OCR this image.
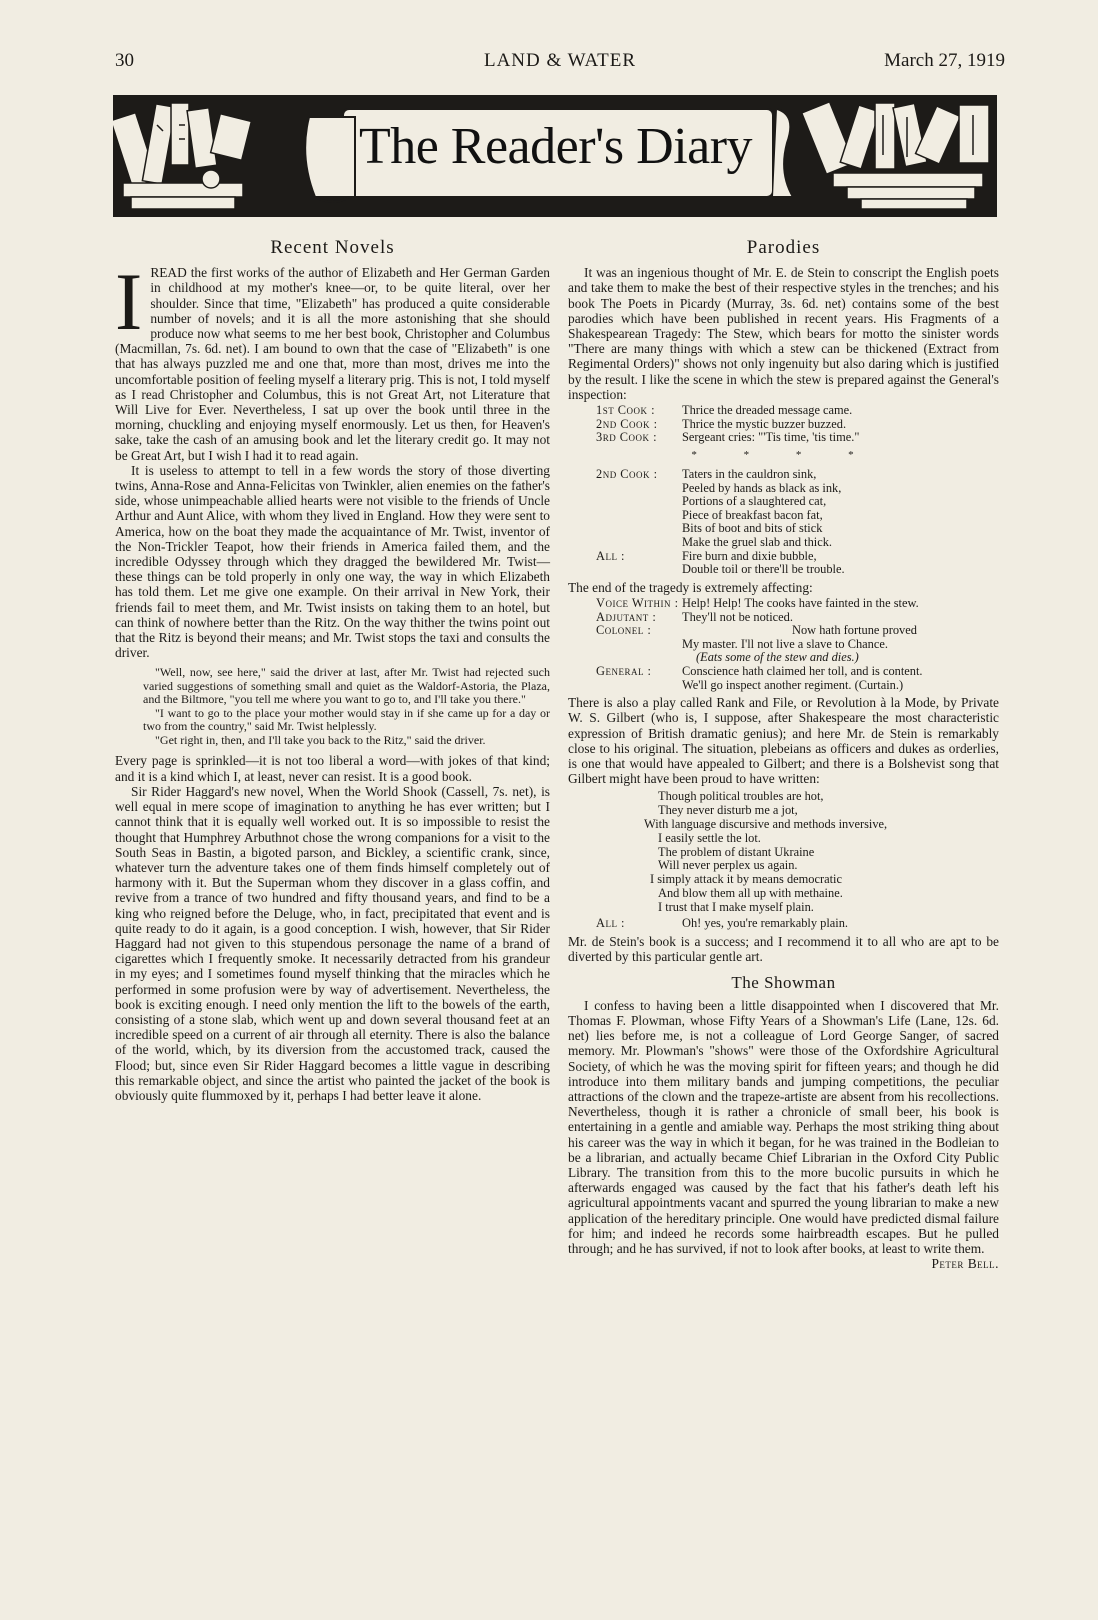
30	LAND & WATER	March 27, 1919
The Reader's Diary
Recent Novels

IREAD the first works of the author of Elizabeth and Her German Garden in childhood at my mother's knee—or, to be quite literal, over her shoulder. Since that time, "Elizabeth" has produced a quite considerable number of novels; and it is all the more astonishing that she should produce now what seems to me her best book, Christopher and Columbus (Macmillan, 7s. 6d. net). I am bound to own that the case of "Elizabeth" is one that has always puzzled me and one that, more than most, drives me into the uncomfortable position of feeling myself a literary prig. This is not, I told myself as I read Christopher and Columbus, this is not Great Art, not Literature that Will Live for Ever. Nevertheless, I sat up over the book until three in the morning, chuckling and enjoying myself enormously. Let us then, for Heaven's sake, take the cash of an amusing book and let the literary credit go. It may not be Great Art, but I wish I had it to read again.

It is useless to attempt to tell in a few words the story of those diverting twins, Anna-Rose and Anna-Felicitas von Twinkler, alien enemies on the father's side, whose unimpeachable allied hearts were not visible to the friends of Uncle Arthur and Aunt Alice, with whom they lived in England. How they were sent to America, how on the boat they made the acquaintance of Mr. Twist, inventor of the Non-Trickler Teapot, how their friends in America failed them, and the incredible Odyssey through which they dragged the bewildered Mr. Twist—these things can be told properly in only one way, the way in which Elizabeth has told them. Let me give one example. On their arrival in New York, their friends fail to meet them, and Mr. Twist insists on taking them to an hotel, but can think of nowhere better than the Ritz. On the way thither the twins point out that the Ritz is beyond their means; and Mr. Twist stops the taxi and consults the driver.

"Well, now, see here," said the driver at last, after Mr. Twist had rejected such varied suggestions of something small and quiet as the Waldorf-Astoria, the Plaza, and the Biltmore, "you tell me where you want to go to, and I'll take you there."

"I want to go to the place your mother would stay in if she came up for a day or two from the country," said Mr. Twist helplessly.

"Get right in, then, and I'll take you back to the Ritz," said the driver.

Every page is sprinkled—it is not too liberal a word—with jokes of that kind; and it is a kind which I, at least, never can resist. It is a good book.

Sir Rider Haggard's new novel, When the World Shook (Cassell, 7s. net), is well equal in mere scope of imagination to anything he has ever written; but I cannot think that it is equally well worked out. It is so impossible to resist the thought that Humphrey Arbuthnot chose the wrong companions for a visit to the South Seas in Bastin, a bigoted parson, and Bickley, a scientific crank, since, whatever turn the adventure takes one of them finds himself completely out of harmony with it. But the Superman whom they discover in a glass coffin, and revive from a trance of two hundred and fifty thousand years, and find to be a king who reigned before the Deluge, who, in fact, precipitated that event and is quite ready to do it again, is a good conception. I wish, however, that Sir Rider Haggard had not given to this stupendous personage the name of a brand of cigarettes which I frequently smoke. It necessarily detracted from his grandeur in my eyes; and I sometimes found myself thinking that the miracles which he performed in some profusion were by way of advertisement. Nevertheless, the book is exciting enough. I need only mention the lift to the bowels of the earth, consisting of a stone slab, which went up and down several thousand feet at an incredible speed on a current of air through all eternity. There is also the balance of the world, which, by its diversion from the accustomed track, caused the Flood; but, since even Sir Rider Haggard becomes a little vague in describing this remarkable object, and since the artist who painted the jacket of the book is obviously quite flummoxed by it, perhaps I had better leave it alone.

Parodies

It was an ingenious thought of Mr. E. de Stein to conscript the English poets and take them to make the best of their respective styles in the trenches; and his book The Poets in Picardy (Murray, 3s. 6d. net) contains some of the best parodies which have been published in recent years. His Fragments of a Shakespearean Tragedy: The Stew, which bears for motto the sinister words "There are many things with which a stew can be thickened (Extract from Regimental Orders)" shows not only ingenuity but also daring which is justified by the result. I like the scene in which the stew is prepared against the General's inspection:

1st Cook :	Thrice the dreaded message came.
2nd Cook :	Thrice the mystic buzzer buzzed.
3rd Cook :	Sergeant cries: "'Tis time, 'tis time."
* * * *
2nd Cook :	Taters in the cauldron sink,
Peeled by hands as black as ink,
Portions of a slaughtered cat,
Piece of breakfast bacon fat,
Bits of boot and bits of stick
Make the gruel slab and thick.
All :	Fire burn and dixie bubble,
Double toil or there'll be trouble.

The end of the tragedy is extremely affecting:

Voice Within : Help! Help! The cooks have fainted in the stew.
Adjutant :	They'll not be noticed.
Colonel :	Now hath fortune proved
My master. I'll not live a slave to Chance.
(Eats some of the stew and dies.)
General :	Conscience hath claimed her toll, and is content.
We'll go inspect another regiment. (Curtain.)

There is also a play called Rank and File, or Revolution à la Mode, by Private W. S. Gilbert (who is, I suppose, after Shakespeare the most characteristic expression of British dramatic genius); and here Mr. de Stein is remarkably close to his original. The situation, plebeians as officers and dukes as orderlies, is one that would have appealed to Gilbert; and there is a Bolshevist song that Gilbert might have been proud to have written:

Though political troubles are hot,
They never disturb me a jot,
With language discursive and methods inversive,
I easily settle the lot.
The problem of distant Ukraine
Will never perplex us again.
I simply attack it by means democratic
And blow them all up with methaine.
I trust that I make myself plain.
All :	Oh! yes, you're remarkably plain.

Mr. de Stein's book is a success; and I recommend it to all who are apt to be diverted by this particular gentle art.

The Showman

I confess to having been a little disappointed when I discovered that Mr. Thomas F. Plowman, whose Fifty Years of a Showman's Life (Lane, 12s. 6d. net) lies before me, is not a colleague of Lord George Sanger, of sacred memory. Mr. Plowman's "shows" were those of the Oxfordshire Agricultural Society, of which he was the moving spirit for fifteen years; and though he did introduce into them military bands and jumping competitions, the peculiar attractions of the clown and the trapeze-artiste are absent from his recollections. Nevertheless, though it is rather a chronicle of small beer, his book is entertaining in a gentle and amiable way. Perhaps the most striking thing about his career was the way in which it began, for he was trained in the Bodleian to be a librarian, and actually became Chief Librarian in the Oxford City Public Library. The transition from this to the more bucolic pursuits in which he afterwards engaged was caused by the fact that his father's death left his agricultural appointments vacant and spurred the young librarian to make a new application of the hereditary principle. One would have predicted dismal failure for him; and indeed he records some hairbreadth escapes. But he pulled through; and he has survived, if not to look after books, at least to write them.
Peter Bell.
